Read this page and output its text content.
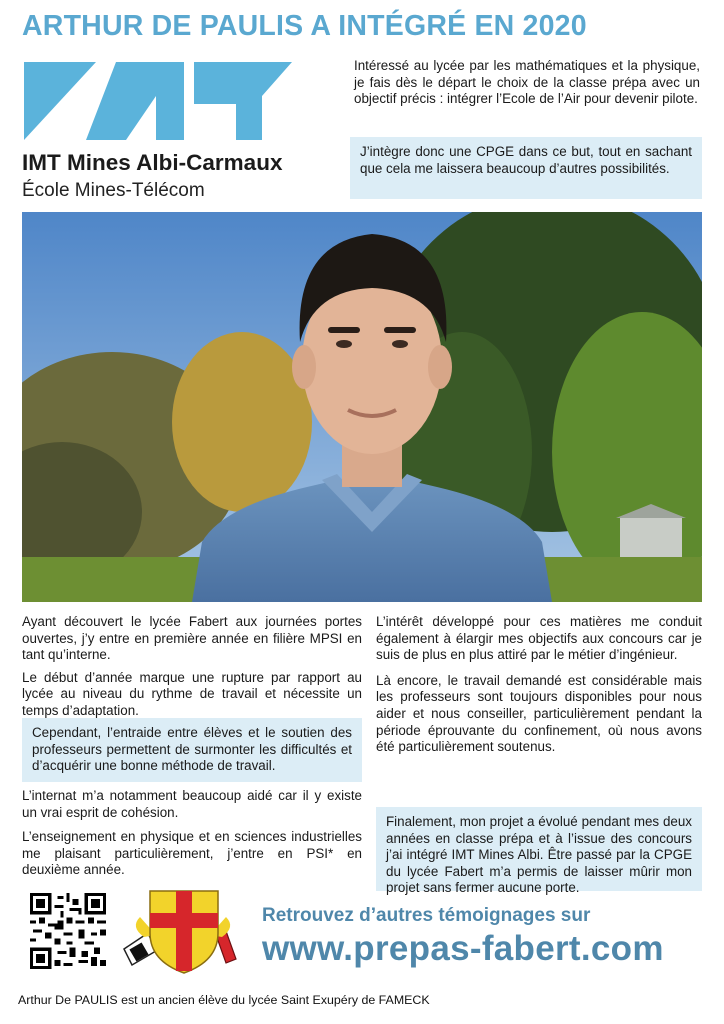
ARTHUR DE PAULIS A INTÉGRÉ EN 2020
IMT Mines Albi-Carmaux
École Mines-Télécom
Intéressé au lycée par les mathématiques et la physique, je fais dès le départ le choix de la classe prépa avec un objectif précis : intégrer l’Ecole de l’Air pour devenir pilote.
J’intègre donc une CPGE dans ce but, tout en sachant que cela me laissera beaucoup d’autres possibilités.

Ayant découvert le lycée Fabert aux journées portes ouvertes, j’y entre en première année en filière MPSI en tant qu’interne.

Le début d’année marque une rupture par rapport au lycée au niveau du rythme de travail et nécessite un temps d’adaptation.

Cependant, l’entraide entre élèves et le soutien des professeurs permettent de surmonter les difficultés et d’acquérir une bonne méthode de travail.

L’internat m’a notamment beaucoup aidé car il y existe un vrai esprit de cohésion.

L’enseignement en physique et en sciences industrielles me plaisant particulièrement, j’entre en PSI* en deuxième année.

L’intérêt développé pour ces matières me conduit également à élargir mes objectifs aux concours car je suis de plus en plus attiré par le métier d’ingénieur.

Là encore, le travail demandé est considérable mais les professeurs sont toujours disponibles pour nous aider et nous conseiller, particulièrement pendant la période éprouvante du confinement, où nous avons été particulièrement soutenus.

Finalement, mon projet a évolué pendant mes deux années en classe prépa et à l’issue des concours j’ai intégré IMT Mines Albi. Être passé par la CPGE du lycée Fabert m’a permis de laisser mûrir mon projet sans fermer aucune porte.
Retrouvez d’autres témoignages sur
www.prepas-fabert.com
Arthur De PAULIS est un ancien élève du lycée Saint Exupéry de FAMECK
